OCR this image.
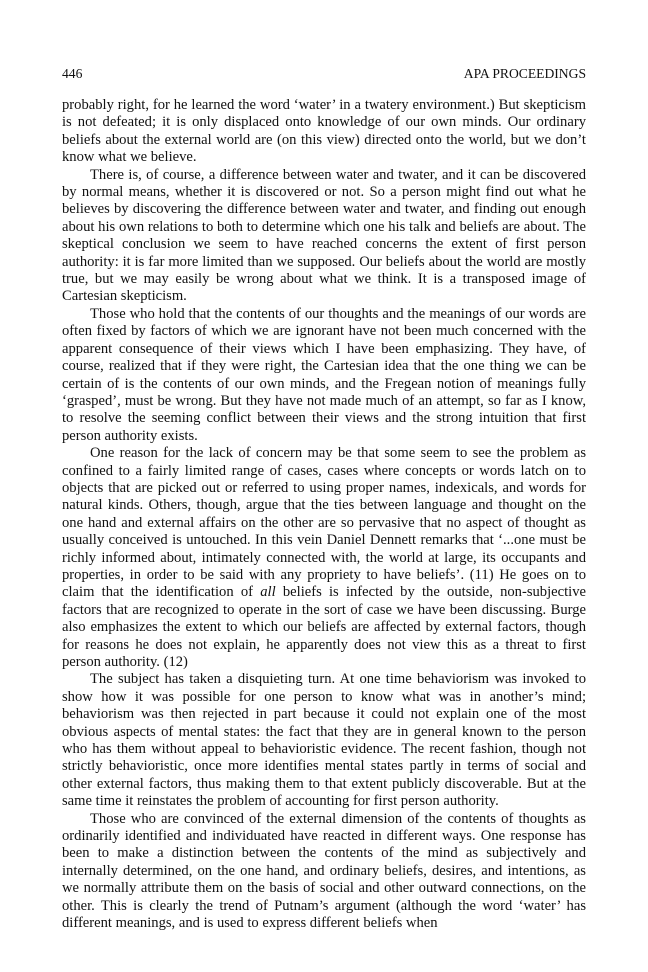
446	APA PROCEEDINGS

probably right, for he learned the word ‘water’ in a twatery environment.) But skepticism is not defeated; it is only displaced onto knowledge of our own minds. Our ordinary beliefs about the external world are (on this view) directed onto the world, but we don’t know what we believe.

There is, of course, a difference between water and twater, and it can be discovered by normal means, whether it is discovered or not. So a person might find out what he believes by discovering the difference between water and twater, and finding out enough about his own relations to both to determine which one his talk and beliefs are about. The skeptical conclusion we seem to have reached concerns the extent of first person authority: it is far more limited than we supposed. Our beliefs about the world are mostly true, but we may easily be wrong about what we think. It is a transposed image of Cartesian skepticism.

Those who hold that the contents of our thoughts and the meanings of our words are often fixed by factors of which we are ignorant have not been much concerned with the apparent consequence of their views which I have been emphasizing. They have, of course, realized that if they were right, the Cartesian idea that the one thing we can be certain of is the contents of our own minds, and the Fregean notion of meanings fully ‘grasped’, must be wrong. But they have not made much of an attempt, so far as I know, to resolve the seeming conflict between their views and the strong intuition that first person authority exists.

One reason for the lack of concern may be that some seem to see the problem as confined to a fairly limited range of cases, cases where concepts or words latch on to objects that are picked out or referred to using proper names, indexicals, and words for natural kinds. Others, though, argue that the ties between language and thought on the one hand and external affairs on the other are so pervasive that no aspect of thought as usually conceived is untouched. In this vein Daniel Dennett remarks that ‘...one must be richly informed about, intimately connected with, the world at large, its occupants and properties, in order to be said with any propriety to have beliefs’. (11) He goes on to claim that the identification of all beliefs is infected by the outside, non-subjective factors that are recognized to operate in the sort of case we have been discussing. Burge also emphasizes the extent to which our beliefs are affected by external factors, though for reasons he does not explain, he apparently does not view this as a threat to first person authority. (12)

The subject has taken a disquieting turn. At one time behaviorism was invoked to show how it was possible for one person to know what was in another’s mind; behaviorism was then rejected in part because it could not explain one of the most obvious aspects of mental states: the fact that they are in general known to the person who has them without appeal to behavioristic evidence. The recent fashion, though not strictly behavioristic, once more identifies mental states partly in terms of social and other external factors, thus making them to that extent publicly discoverable. But at the same time it reinstates the problem of accounting for first person authority.

Those who are convinced of the external dimension of the contents of thoughts as ordinarily identified and individuated have reacted in different ways. One response has been to make a distinction between the contents of the mind as subjectively and internally determined, on the one hand, and ordinary beliefs, desires, and intentions, as we normally attribute them on the basis of social and other outward connections, on the other. This is clearly the trend of Putnam’s argument (although the word ‘water’ has different meanings, and is used to express different beliefs when
